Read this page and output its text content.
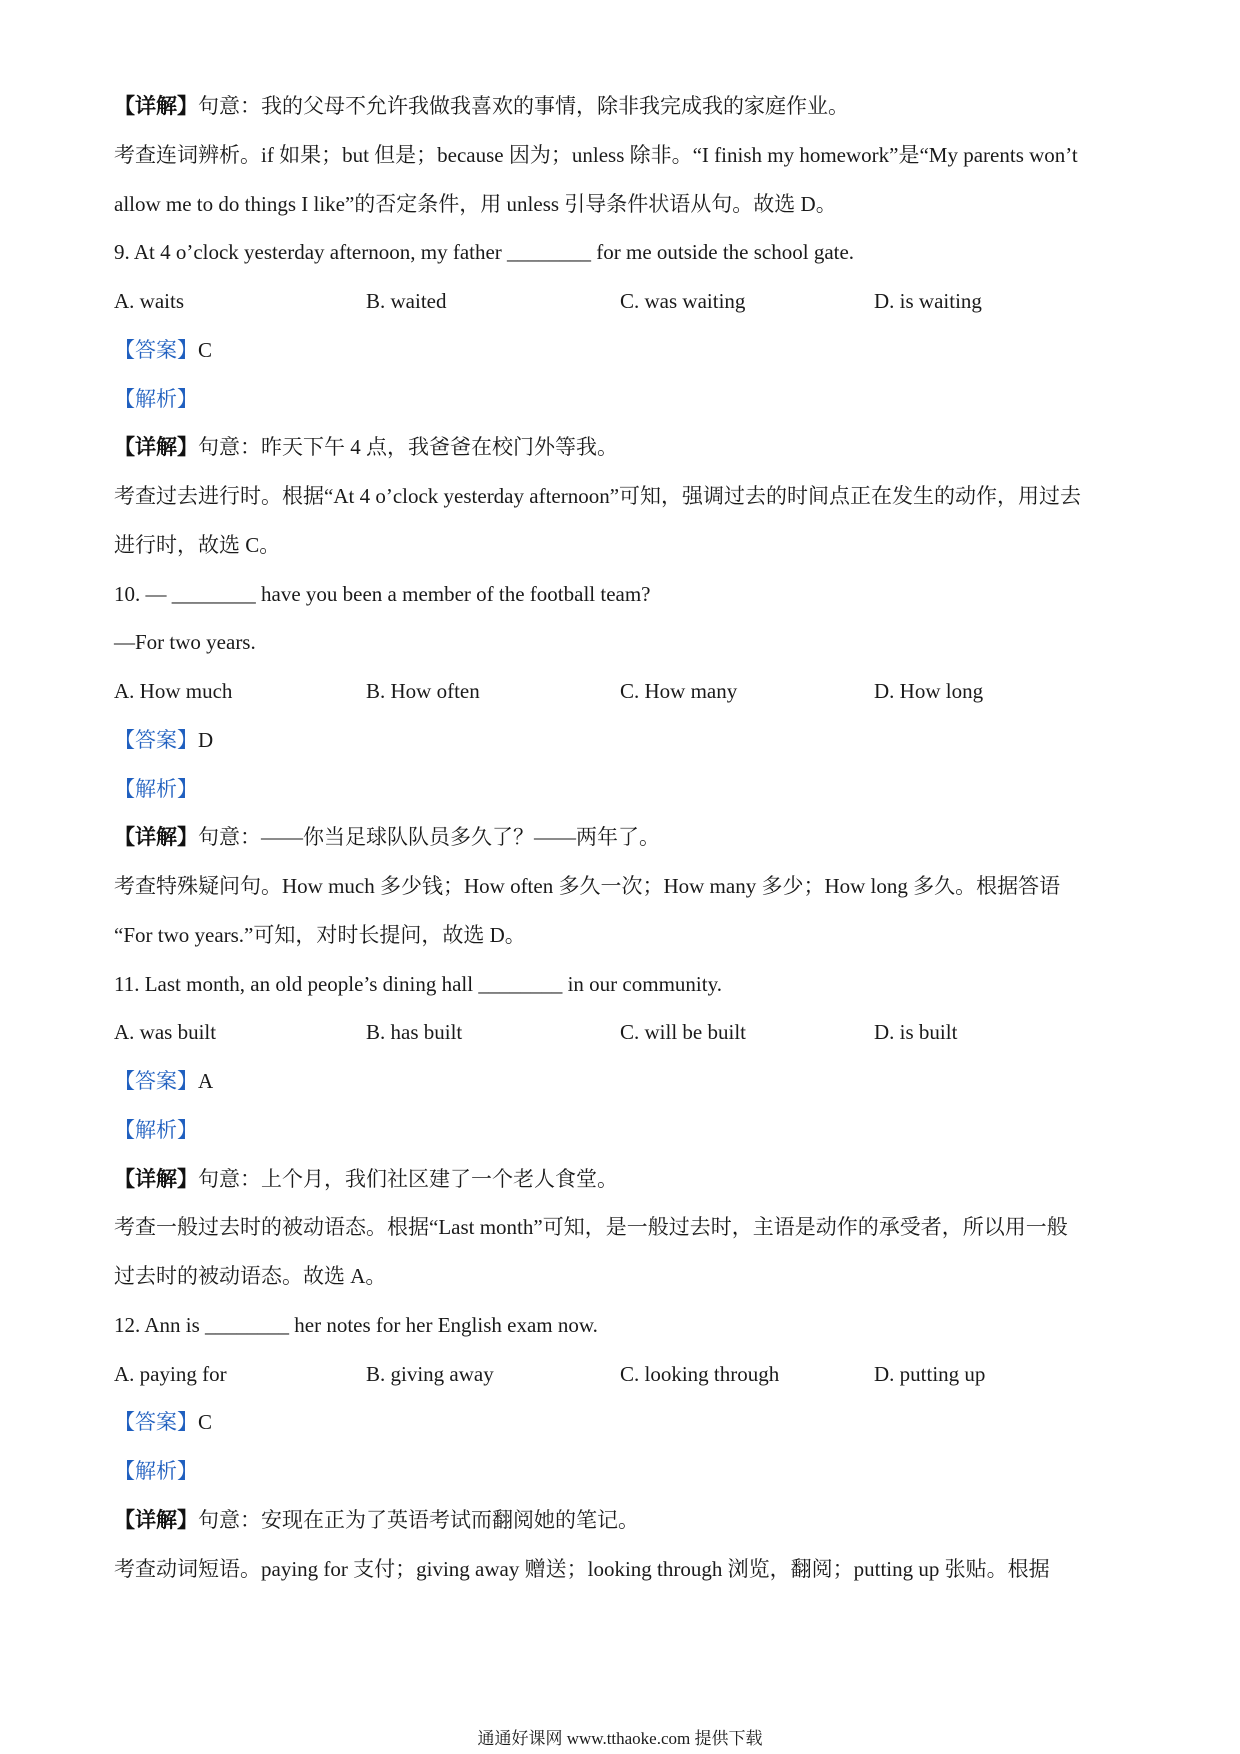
【详解】句意：我的父母不允许我做我喜欢的事情，除非我完成我的家庭作业。
考查连词辨析。if 如果；but 但是；because 因为；unless 除非。“I finish my homework”是“My parents won’t
allow me to do things I like”的否定条件，用 unless 引导条件状语从句。故选 D。
9. At 4 o’clock yesterday afternoon, my father ________ for me outside the school gate.
A. waits	B. waited	C. was waiting	D. is waiting
【答案】C
【解析】
【详解】句意：昨天下午 4 点，我爸爸在校门外等我。
考查过去进行时。根据“At 4 o’clock yesterday afternoon”可知，强调过去的时间点正在发生的动作，用过去
进行时，故选 C。
10. — ________ have you been a member of the football team?
—For two years.
A. How much	B. How often	C. How many	D. How long
【答案】D
【解析】
【详解】句意：——你当足球队队员多久了？——两年了。
考查特殊疑问句。How much 多少钱；How often 多久一次；How many 多少；How long 多久。根据答语
“For two years.”可知，对时长提问，故选 D。
11. Last month, an old people’s dining hall ________ in our community.
A. was built	B. has built	C. will be built	D. is built
【答案】A
【解析】
【详解】句意：上个月，我们社区建了一个老人食堂。
考查一般过去时的被动语态。根据“Last month”可知，是一般过去时，主语是动作的承受者，所以用一般
过去时的被动语态。故选 A。
12. Ann is ________ her notes for her English exam now.
A. paying for	B. giving away	C. looking through	D. putting up
【答案】C
【解析】
【详解】句意：安现在正为了英语考试而翻阅她的笔记。
考查动词短语。paying for 支付；giving away 赠送；looking through 浏览，翻阅；putting up 张贴。根据
通通好课网 www.tthaoke.com 提供下载
